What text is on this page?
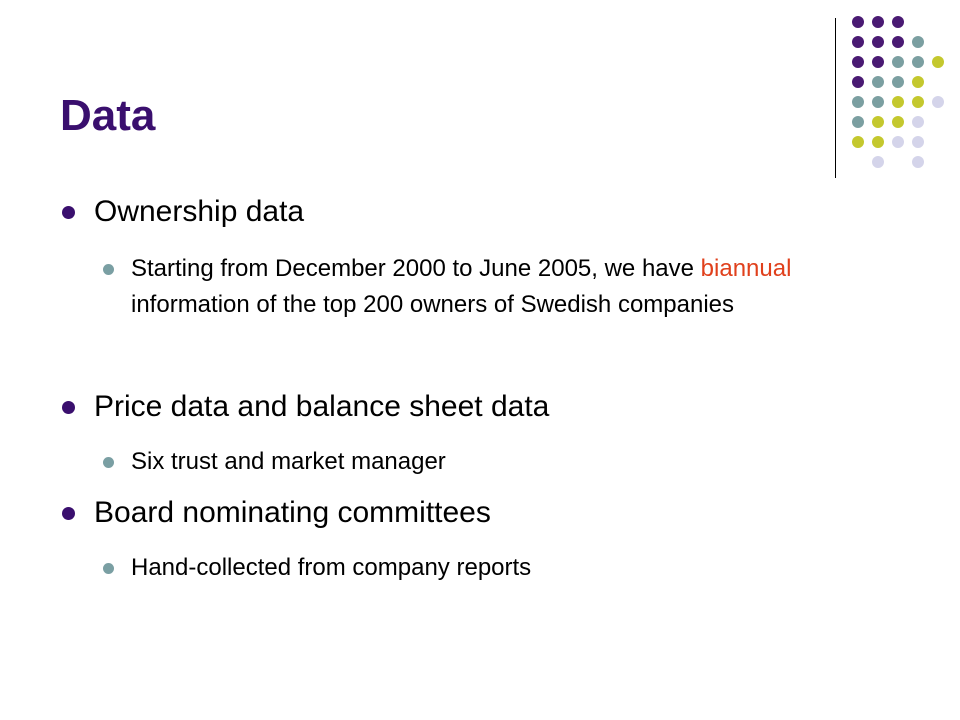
Data
Ownership data
Starting from December 2000 to June 2005, we have biannual information of the top 200 owners of Swedish companies
Price data and balance sheet data
Six trust and market manager
Board nominating committees
Hand-collected from company reports
